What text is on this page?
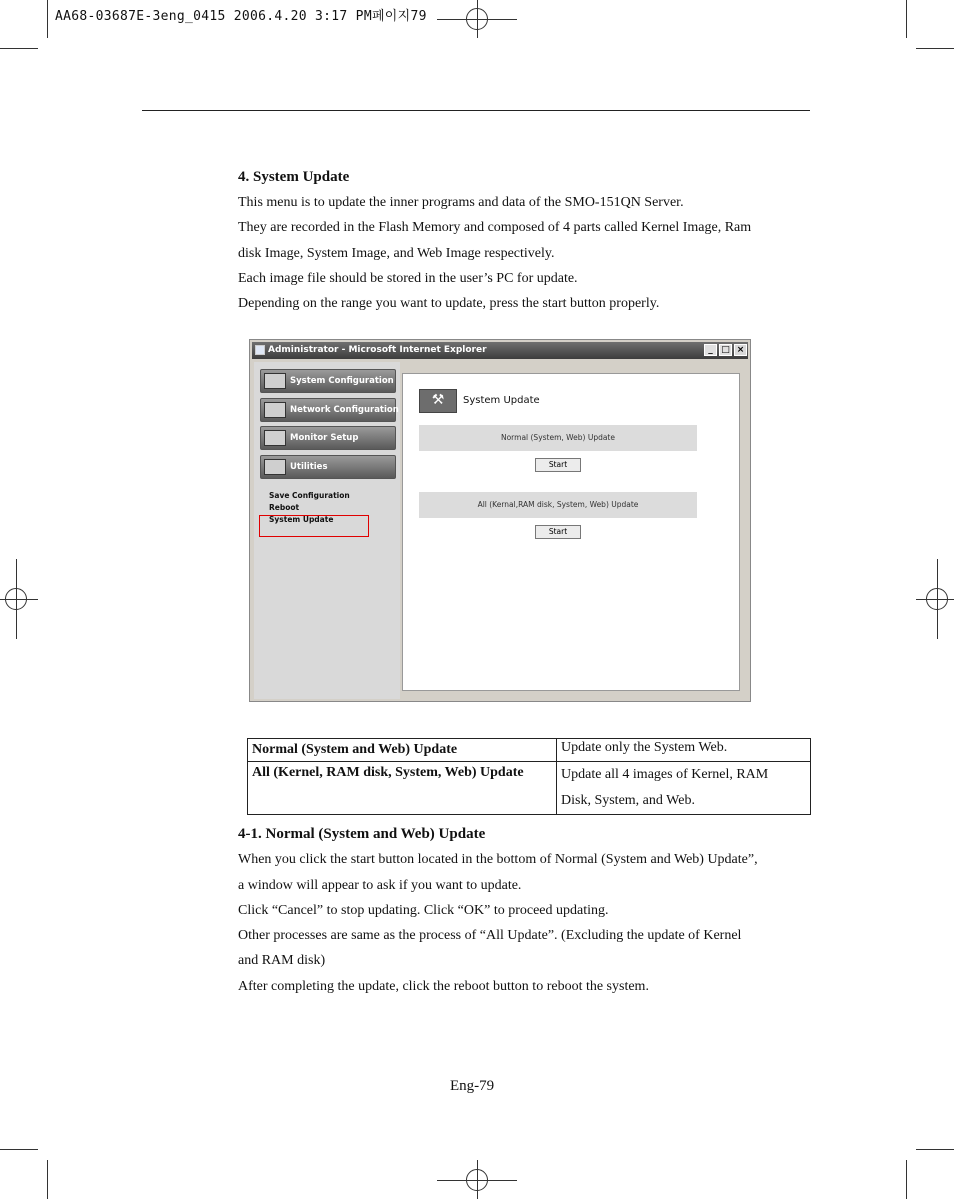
AA68-03687E-3eng_0415 2006.4.20 3:17 PM페이지79
4. System Update

This menu is to update the inner programs and data of the SMO-151QN Server.

They are recorded in the Flash Memory and composed of 4 parts called Kernel Image, Ram

disk Image, System Image, and Web Image respectively.

Each image file should be stored in the user’s PC for update.

Depending on the range you want to update, press the start button properly.

Administrator - Microsoft Internet Explorer	_ □ ×
System Configuration
Network Configuration
Monitor Setup
Utilities
Save Configuration
Reboot
System Update
⚒	System Update
Normal (System, Web) Update
Start
All (Kernal,RAM disk, System, Web) Update
Start
Normal (System and Web) Update	Update only the System Web.
All (Kernel, RAM disk, System, Web) Update	Update all 4 images of Kernel, RAM
Disk, System, and Web.
4-1. Normal (System and Web) Update

When you click the start button located in the bottom of Normal (System and Web) Update”,

a window will appear to ask if you want to update.

Click “Cancel” to stop updating. Click “OK” to proceed updating.

Other processes are same as the process of “All Update”. (Excluding the update of Kernel

and RAM disk)

After completing the update, click the reboot button to reboot the system.

Eng-79
